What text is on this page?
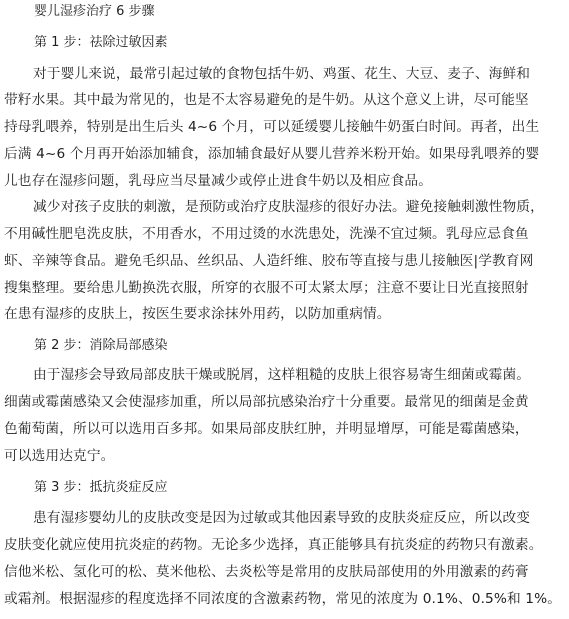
婴儿湿疹治疗 6 步骤
第 1 步：祛除过敏因素
对于婴儿来说，最常引起过敏的食物包括牛奶、鸡蛋、花生、大豆、麦子、海鲜和
带籽水果。其中最为常见的，也是不太容易避免的是牛奶。从这个意义上讲，尽可能坚
持母乳喂养，特别是出生后头 4~6 个月，可以延缓婴儿接触牛奶蛋白时间。再者，出生
后满 4~6 个月再开始添加辅食，添加辅食最好从婴儿营养米粉开始。如果母乳喂养的婴
儿也存在湿疹问题，乳母应当尽量减少或停止进食牛奶以及相应食品。
减少对孩子皮肤的刺激，是预防或治疗皮肤湿疹的很好办法。避免接触刺激性物质，
不用碱性肥皂洗皮肤，不用香水，不用过烫的水洗患处，洗澡不宜过频。乳母应忌食鱼
虾、辛辣等食品。避免毛织品、丝织品、人造纤维、胶布等直接与患儿接触医|学教育网
搜集整理。要给患儿勤换洗衣服，所穿的衣服不可太紧太厚；注意不要让日光直接照射
在患有湿疹的皮肤上，按医生要求涂抹外用药，以防加重病情。
第 2 步：消除局部感染
由于湿疹会导致局部皮肤干燥或脱屑，这样粗糙的皮肤上很容易寄生细菌或霉菌。
细菌或霉菌感染又会使湿疹加重，所以局部抗感染治疗十分重要。最常见的细菌是金黄
色葡萄菌，所以可以选用百多邦。如果局部皮肤红肿，并明显增厚，可能是霉菌感染，
可以选用达克宁。
第 3 步：抵抗炎症反应
患有湿疹婴幼儿的皮肤改变是因为过敏或其他因素导致的皮肤炎症反应，所以改变
皮肤变化就应使用抗炎症的药物。无论多少选择，真正能够具有抗炎症的药物只有激素。
信他米松、氢化可的松、莫米他松、去炎松等是常用的皮肤局部使用的外用激素的药膏
或霜剂。根据湿疹的程度选择不同浓度的含激素药物，常见的浓度为 0.1%、0.5%和 1%。
